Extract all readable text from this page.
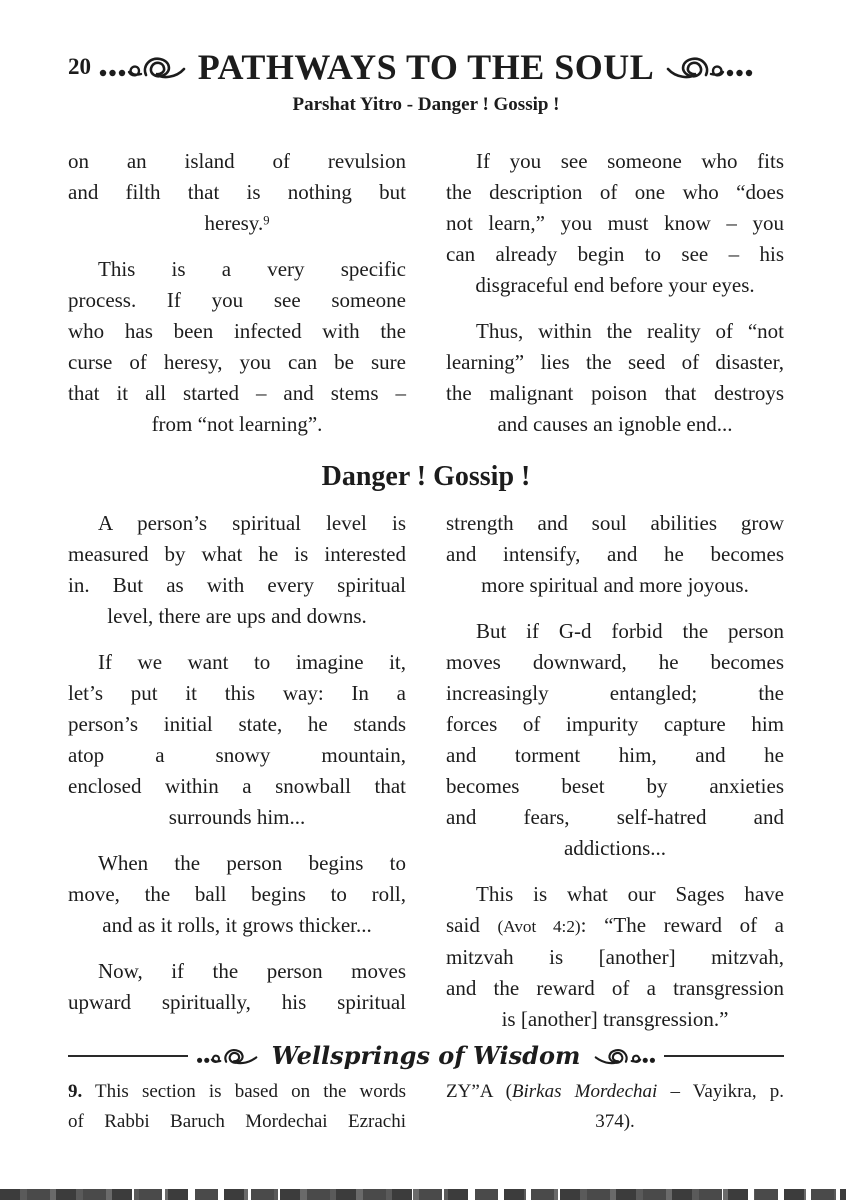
20	PATHWAYS TO THE SOUL
Parshat Yitro - Danger ! Gossip !
on an island of revulsion
and filth that is nothing but
heresy.$^9$
This is a very specific
process. If you see someone
who has been infected with the
curse of heresy, you can be sure
that it all started – and stems –
from “not learning”.
If you see someone who fits
the description of one who “does
not learn,” you must know – you
can already begin to see – his
disgraceful end before your eyes.
Thus, within the reality of “not
learning” lies the seed of disaster,
the malignant poison that destroys
and causes an ignoble end...
Danger ! Gossip !
A person’s spiritual level is
measured by what he is interested
in. But as with every spiritual
level, there are ups and downs.
If we want to imagine it,
let’s put it this way: In a
person’s initial state, he stands
atop a snowy mountain,
enclosed within a snowball that
surrounds him...
When the person begins to
move, the ball begins to roll,
and as it rolls, it grows thicker...
Now, if the person moves
upward spiritually, his spiritual
strength and soul abilities grow
and intensify, and he becomes
more spiritual and more joyous.
But if G-d forbid the person
moves downward, he becomes
increasingly entangled; the
forces of impurity capture him
and torment him, and he
becomes beset by anxieties
and fears, self-hatred and
addictions...
This is what our Sages have
said (Avot 4:2): “The reward of a
mitzvah is [another] mitzvah,
and the reward of a transgression
is [another] transgression.”
Wellsprings of Wisdom
9. This section is based on the words
of Rabbi Baruch Mordechai Ezrachi
ZY”A (Birkas Mordechai – Vayikra, p.
374).
